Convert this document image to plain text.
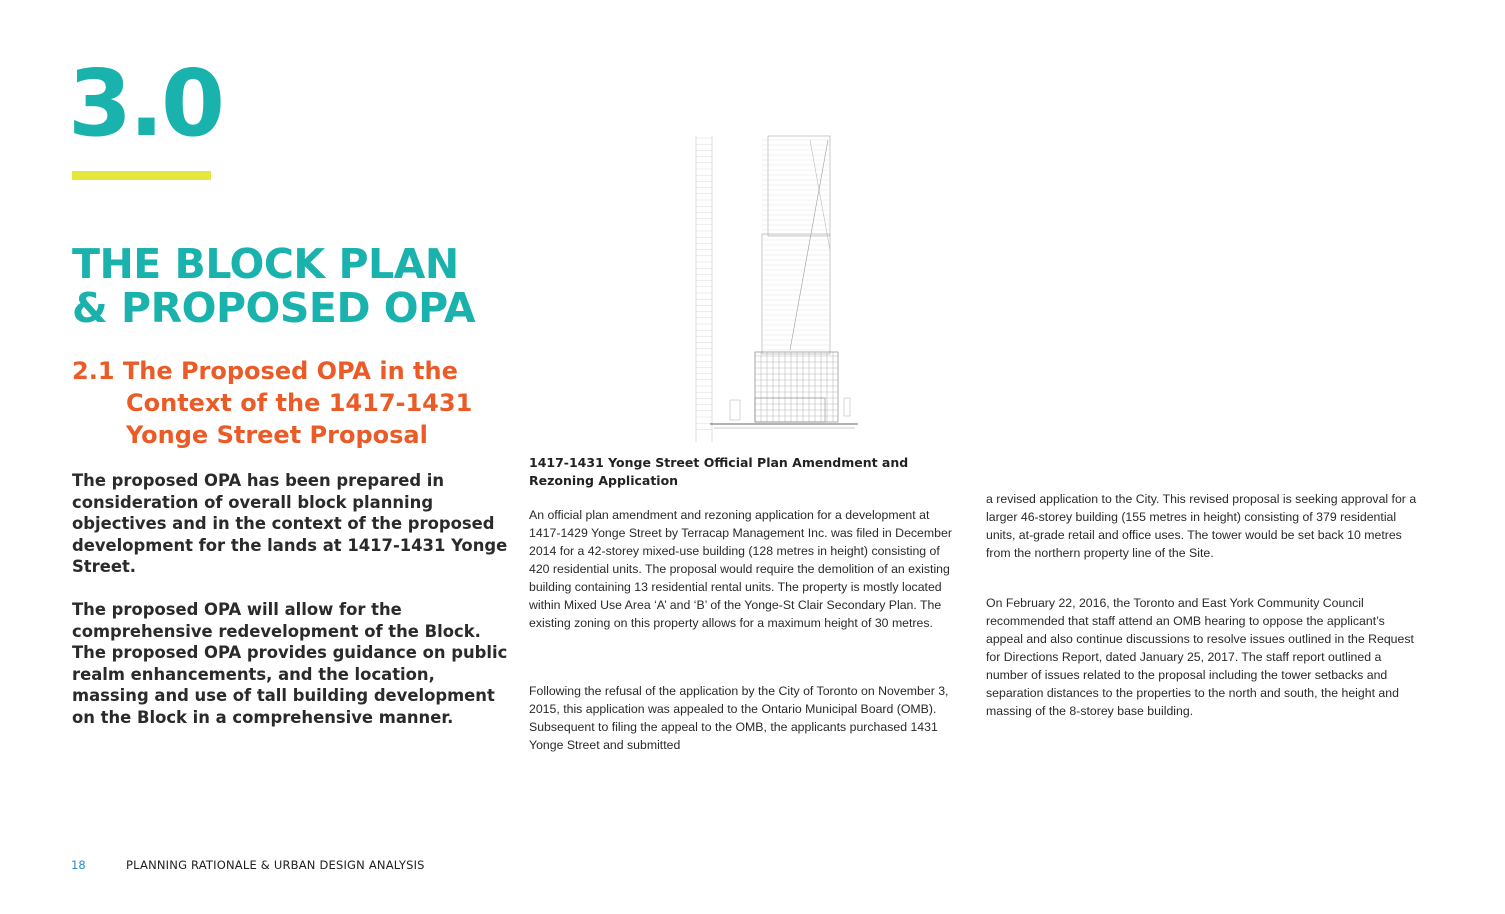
3.0
THE BLOCK PLAN
& PROPOSED OPA
2.1 The Proposed OPA in the
Context of the 1417-1431
Yonge Street Proposal
The proposed OPA has been prepared in consideration of overall block planning objectives and in the context of the proposed development for the lands at 1417-1431 Yonge Street.
The proposed OPA will allow for the comprehensive redevelopment of the Block. The proposed OPA provides guidance on public realm enhancements, and the location, massing and use of tall building development on the Block in a comprehensive manner.
1417-1431 Yonge Street Official Plan Amendment and Rezoning Application
An official plan amendment and rezoning application for a development at 1417-1429 Yonge Street by Terracap Management Inc. was filed in December 2014 for a 42-storey mixed-use building (128 metres in height) consisting of 420 residential units. The proposal would require the demolition of an existing building containing 13 residential rental units. The property is mostly located within Mixed Use Area ‘A’ and ‘B’ of the Yonge-St Clair Secondary Plan. The existing zoning on this property allows for a maximum height of 30 metres.
Following the refusal of the application by the City of Toronto on November 3, 2015, this application was appealed to the Ontario Municipal Board (OMB). Subsequent to filing the appeal to the OMB, the applicants purchased 1431 Yonge Street and submitted
a revised application to the City. This revised proposal is seeking approval for a larger 46-storey building (155 metres in height) consisting of 379 residential units, at-grade retail and office uses. The tower would be set back 10 metres from the northern property line of the Site.
On February 22, 2016, the Toronto and East York Community Council recommended that staff attend an OMB hearing to oppose the applicant’s appeal and also continue discussions to resolve issues outlined in the Request for Directions Report, dated January 25, 2017. The staff report outlined a number of issues related to the proposal including the tower setbacks and separation distances to the properties to the north and south, the height and massing of the 8-storey base building.
18	PLANNING RATIONALE & URBAN DESIGN ANALYSIS
